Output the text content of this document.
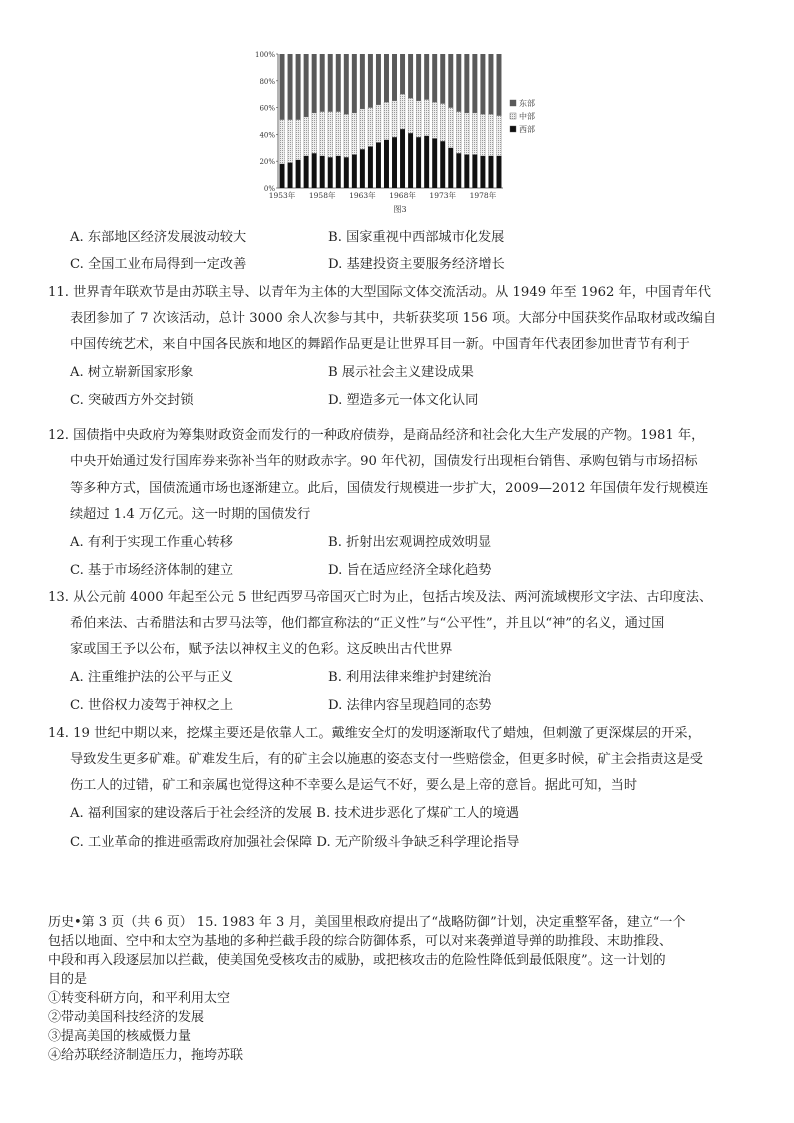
0%
20%
40%
60%
80%
100%
1953年 1958年 1963年 1968年 1973年 1978年
东部
中部
西部
图3
A. 东部地区经济发展波动较大	B. 国家重视中西部城市化发展
C. 全国工业布局得到一定改善	D. 基建投资主要服务经济增长
11. 世界青年联欢节是由苏联主导、以青年为主体的大型国际文体交流活动。从 1949 年至 1962 年，中国青年代
表团参加了 7 次该活动，总计 3000 余人次参与其中，共斩获奖项 156 项。大部分中国获奖作品取材或改编自
中国传统艺术，来自中国各民族和地区的舞蹈作品更是让世界耳目一新。中国青年代表团参加世青节有利于
A. 树立崭新国家形象	B 展示社会主义建设成果
C. 突破西方外交封锁	D. 塑造多元一体文化认同
12. 国债指中央政府为筹集财政资金而发行的一种政府债券，是商品经济和社会化大生产发展的产物。1981 年，
中央开始通过发行国库券来弥补当年的财政赤字。90 年代初，国债发行出现柜台销售、承购包销与市场招标
等多种方式，国债流通市场也逐渐建立。此后，国债发行规模进一步扩大，2009—2012 年国债年发行规模连
续超过 1.4 万亿元。这一时期的国债发行
A. 有利于实现工作重心转移	B. 折射出宏观调控成效明显
C. 基于市场经济体制的建立	D. 旨在适应经济全球化趋势
13. 从公元前 4000 年起至公元 5 世纪西罗马帝国灭亡时为止，包括古埃及法、两河流域楔形文字法、古印度法、
希伯来法、古希腊法和古罗马法等，他们都宣称法的“正义性”与“公平性”，并且以“神”的名义，通过国
家或国王予以公布，赋予法以神权主义的色彩。这反映出古代世界
A. 注重维护法的公平与正义	B. 利用法律来维护封建统治
C. 世俗权力凌驾于神权之上	D. 法律内容呈现趋同的态势
14. 19 世纪中期以来，挖煤主要还是依靠人工。戴维安全灯的发明逐渐取代了蜡烛，但刺激了更深煤层的开采，
导致发生更多矿难。矿难发生后，有的矿主会以施惠的姿态支付一些赔偿金，但更多时候，矿主会指责这是受
伤工人的过错，矿工和亲属也觉得这种不幸要么是运气不好，要么是上帝的意旨。据此可知，当时
A. 福利国家的建设落后于社会经济的发展 B. 技术进步恶化了煤矿工人的境遇
C. 工业革命的推进亟需政府加强社会保障 D. 无产阶级斗争缺乏科学理论指导
历史•第 3 页（共 6 页） 15. 1983 年 3 月，美国里根政府提出了“战略防御”计划，决定重整军备，建立“一个
包括以地面、空中和太空为基地的多种拦截手段的综合防御体系，可以对来袭弹道导弹的助推段、末助推段、
中段和再入段逐层加以拦截，使美国免受核攻击的威胁，或把核攻击的危险性降低到最低限度”。这一计划的
目的是
①转变科研方向，和平利用太空
②带动美国科技经济的发展
③提高美国的核威慑力量
④给苏联经济制造压力，拖垮苏联
